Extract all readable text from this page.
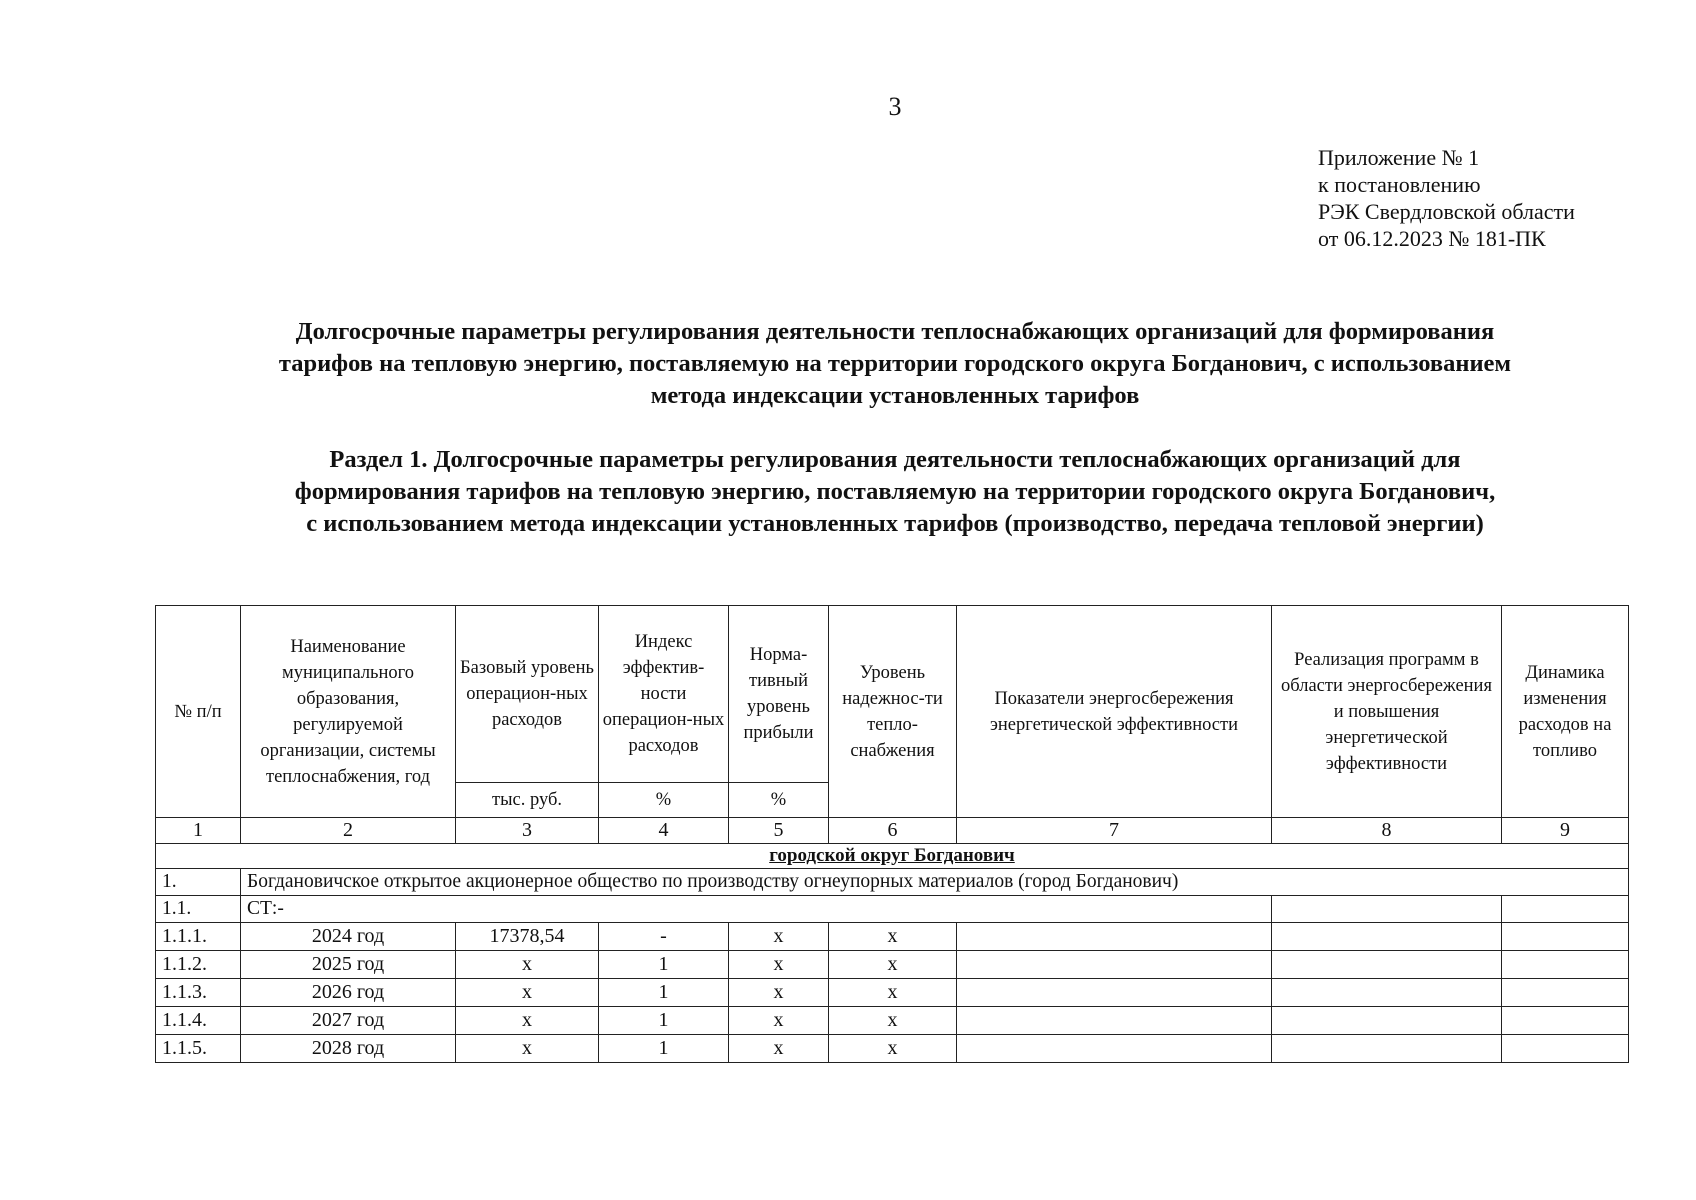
3
Приложение № 1
к постановлению
РЭК Свердловской области
от 06.12.2023 № 181-ПК
Долгосрочные параметры регулирования деятельности теплоснабжающих организаций для формирования
тарифов на тепловую энергию, поставляемую на территории городского округа Богданович, с использованием
метода индексации установленных тарифов
Раздел 1. Долгосрочные параметры регулирования деятельности теплоснабжающих организаций для
формирования тарифов на тепловую энергию, поставляемую на территории городского округа Богданович,
с использованием метода индексации установленных тарифов (производство, передача тепловой энергии)
№ п/п	Наименование муниципального образования, регулируемой организации, системы теплоснабжения, год	Базовый уровень операцион-ных расходов	Индекс эффектив-ности операцион-ных расходов	Норма-тивный уровень прибыли	Уровень надежнос-ти тепло-снабжения	Показатели энергосбережения энергетической эффективности	Реализация программ в области энергосбережения и повышения энергетической эффективности	Динамика изменения расходов на топливо

		тыс. руб.	%	%				
1	2	3	4	5	6	7	8	9
городской округ Богданович								
1.	Богдановичское открытое акционерное общество по производству огнеупорных материалов (город Богданович)							
1.1.	СТ:-							
1.1.1.	2024 год	17378,54	-	х	х			
1.1.2.	2025 год	х	1	х	х			
1.1.3.	2026 год	х	1	х	х			
1.1.4.	2027 год	х	1	х	х			
1.1.5.	2028 год	х	1	х	х			
